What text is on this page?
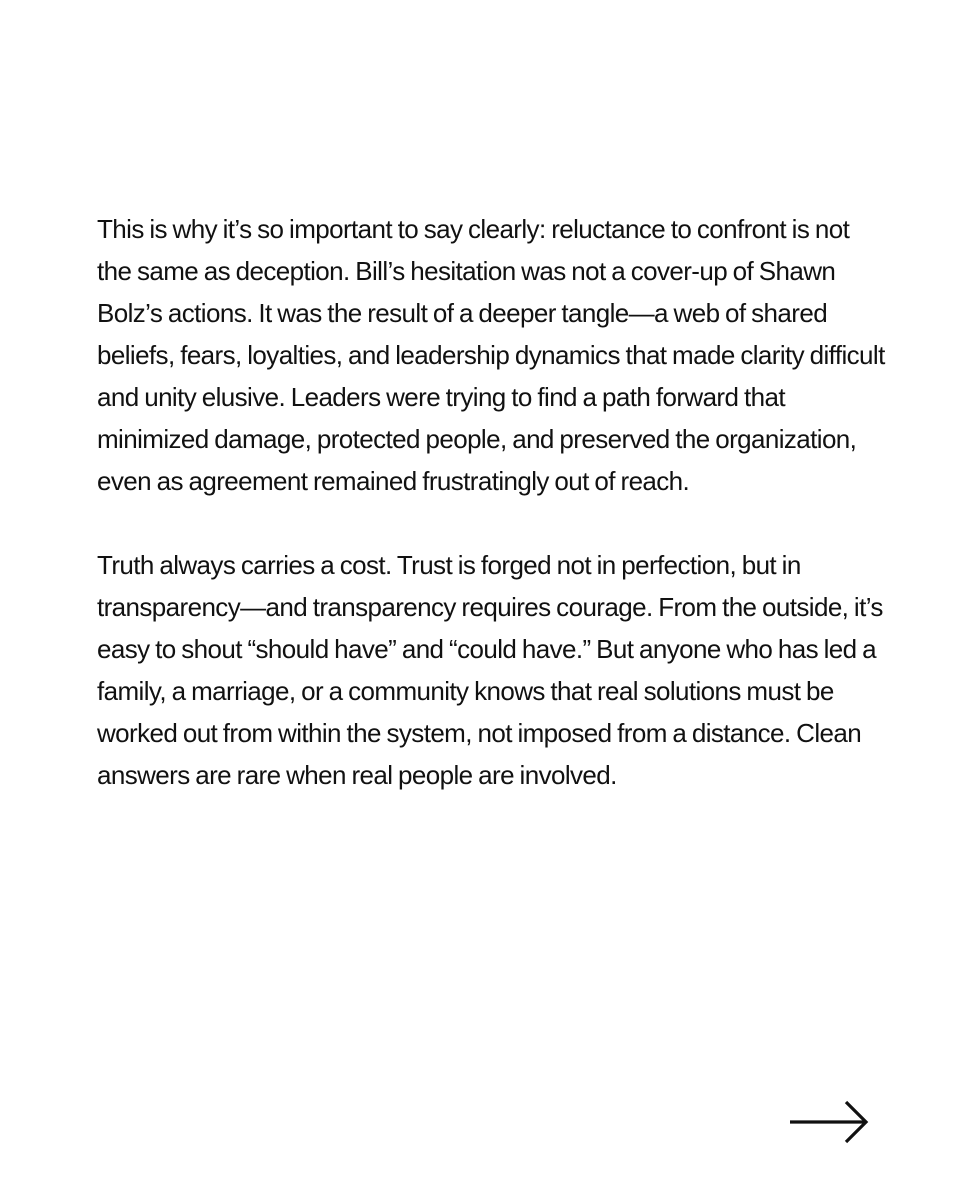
This is why it’s so important to say clearly: reluctance to confront is not the same as deception. Bill’s hesitation was not a cover-up of Shawn Bolz’s actions. It was the result of a deeper tangle—a web of shared beliefs, fears, loyalties, and leadership dynamics that made clarity difficult and unity elusive. Leaders were trying to find a path forward that minimized damage, protected people, and preserved the organization, even as agreement remained frustratingly out of reach.

Truth always carries a cost. Trust is forged not in perfection, but in transparency—and transparency requires courage. From the outside, it’s easy to shout “should have” and “could have.” But anyone who has led a family, a marriage, or a community knows that real solutions must be worked out from within the system, not imposed from a distance. Clean answers are rare when real people are involved.
